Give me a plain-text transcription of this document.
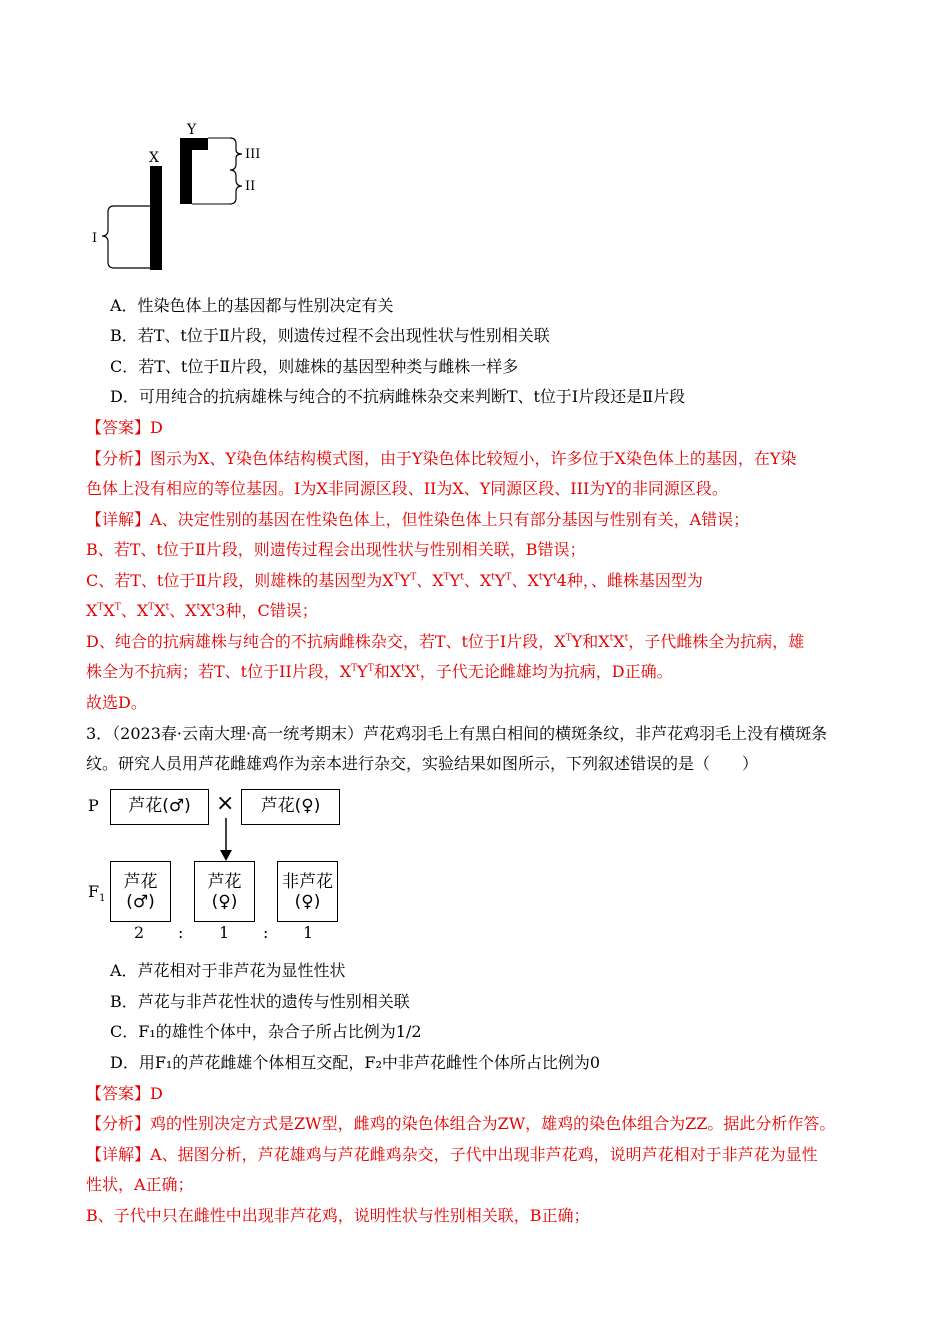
X
Y
III
II
I
A．性染色体上的基因都与性别决定有关
B．若T、t位于Ⅱ片段，则遗传过程不会出现性状与性别相关联
C．若T、t位于Ⅱ片段，则雄株的基因型种类与雌株一样多
D．可用纯合的抗病雄株与纯合的不抗病雌株杂交来判断T、t位于I片段还是Ⅱ片段
【答案】D
【分析】图示为X、Y染色体结构模式图，由于Y染色体比较短小，许多位于X染色体上的基因，在Y染
色体上没有相应的等位基因。I为X非同源区段、II为X、Y同源区段、III为Y的非同源区段。
【详解】A、决定性别的基因在性染色体上，但性染色体上只有部分基因与性别有关，A错误；
B、若T、t位于Ⅱ片段，则遗传过程会出现性状与性别相关联，B错误；
C、若T、t位于Ⅱ片段，则雄株的基因型为$X^TY^T$、$X^TY^t$、$X^tY^T$、$X^tY^t4$种，、雌株基因型为
$X^TX^T$、$X^TX^t$、$X^tX^t3$种，C错误；
D、纯合的抗病雄株与纯合的不抗病雌株杂交，若T、t位于I片段，$X^TY$和$X^tX^t$，子代雌株全为抗病，雄
株全为不抗病；若T、t位于II片段，$X^TY^T$和$X^tX^t$，子代无论雌雄均为抗病，D正确。
故选D。
3．（2023春·云南大理·高一统考期末）芦花鸡羽毛上有黑白相间的横斑条纹，非芦花鸡羽毛上没有横斑条
纹。研究人员用芦花雌雄鸡作为亲本进行杂交，实验结果如图所示，下列叙述错误的是（　　）
P	芦花(♂)	×	芦花(♀)
$F_1$
芦花
(♂)
芦花
(♀)
非芦花
(♀)
2 : 1 : 1
A．芦花相对于非芦花为显性性状
B．芦花与非芦花性状的遗传与性别相关联
C．F₁的雄性个体中，杂合子所占比例为1/2
D．用F₁的芦花雌雄个体相互交配，F₂中非芦花雌性个体所占比例为0
【答案】D
【分析】鸡的性别决定方式是ZW型，雌鸡的染色体组合为ZW，雄鸡的染色体组合为ZZ。据此分析作答。
【详解】A、据图分析，芦花雄鸡与芦花雌鸡杂交，子代中出现非芦花鸡，说明芦花相对于非芦花为显性
性状，A正确；
B、子代中只在雌性中出现非芦花鸡，说明性状与性别相关联，B正确；
